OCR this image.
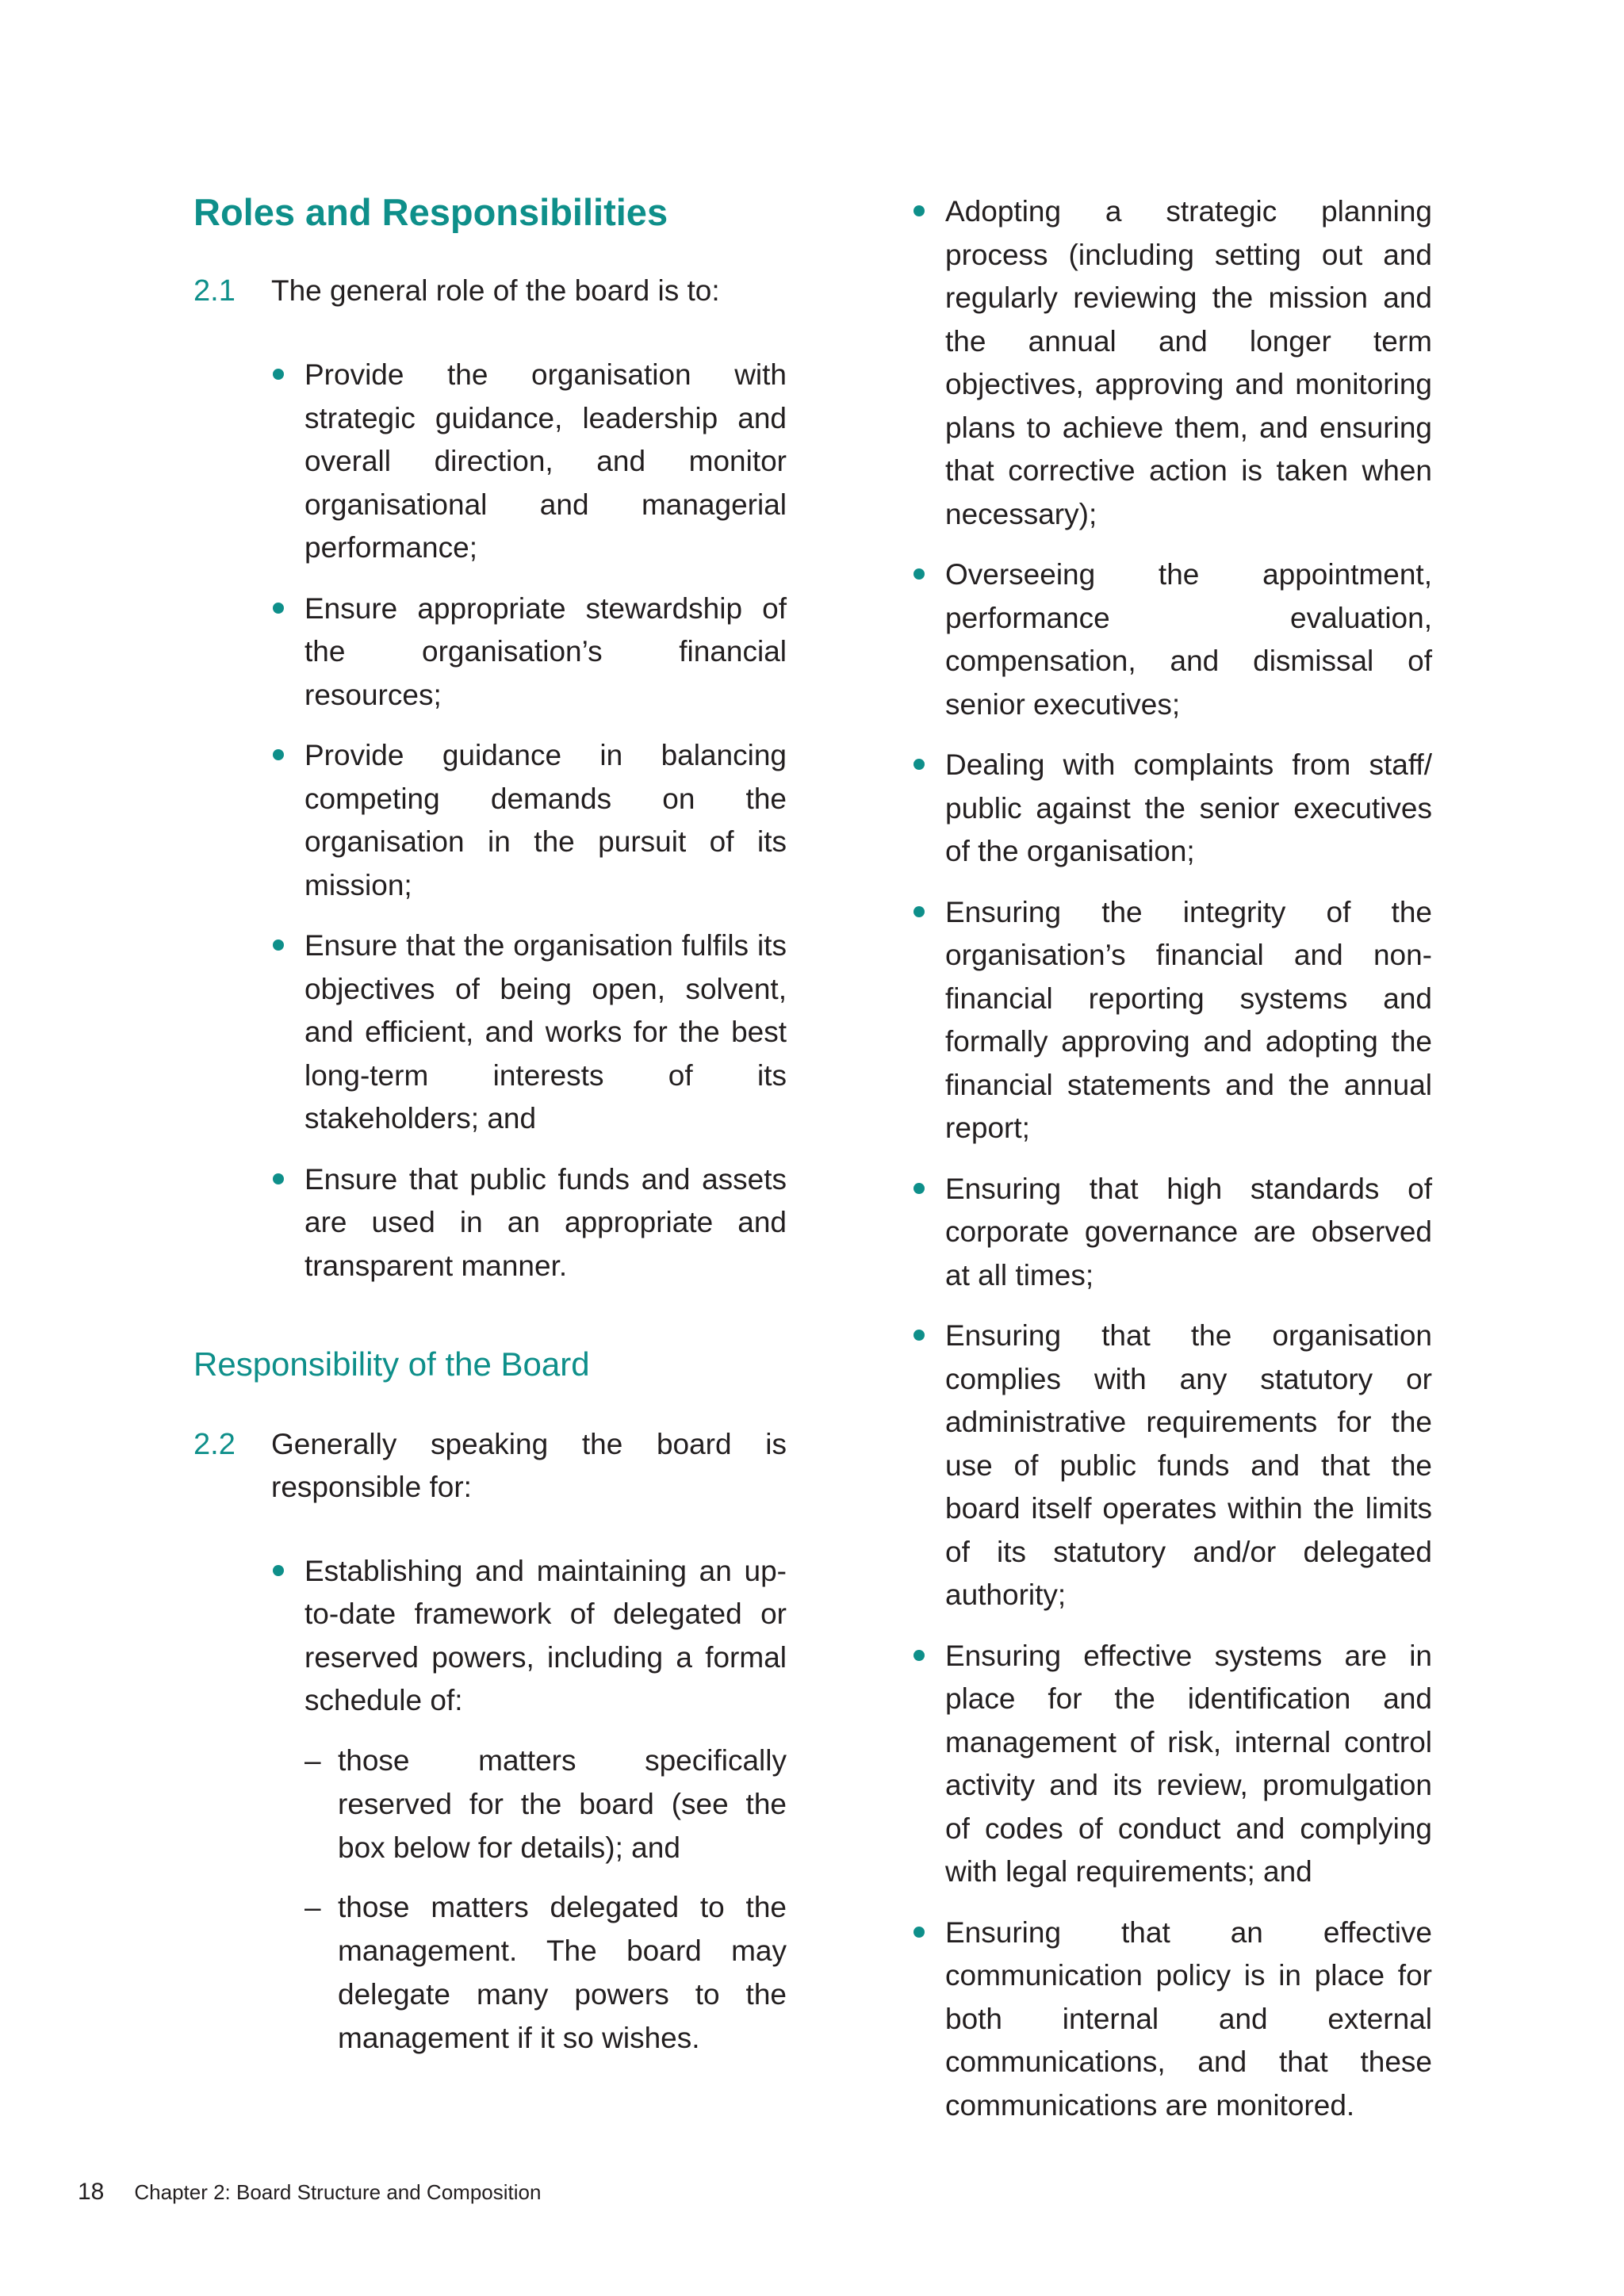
Roles and Responsibilities
2.1	The general role of the board is to:
Provide the organisation with strategic guidance, leadership and overall direction, and monitor organisational and managerial performance;
Ensure appropriate stewardship of the organisation’s financial resources;
Provide guidance in balancing competing demands on the organisation in the pursuit of its mission;
Ensure that the organisation fulfils its objectives of being open, solvent, and efficient, and works for the best long-term interests of its stakeholders; and
Ensure that public funds and assets are used in an appropriate and transparent manner.
Responsibility of the Board
2.2	Generally speaking the board is responsible for:
Establishing and maintaining an up-to-date framework of delegated or reserved powers, including a formal schedule of:
– those matters specifically reserved for the board (see the box below for details); and
– those matters delegated to the management. The board may delegate many powers to the management if it so wishes.
Adopting a strategic planning process (including setting out and regularly reviewing the mission and the annual and longer term objectives, approving and monitoring plans to achieve them, and ensuring that corrective action is taken when necessary);
Overseeing the appointment, performance evaluation, compensation, and dismissal of senior executives;
Dealing with complaints from staff/ public against the senior executives of the organisation;
Ensuring the integrity of the organisation’s financial and non-financial reporting systems and formally approving and adopting the financial statements and the annual report;
Ensuring that high standards of corporate governance are observed at all times;
Ensuring that the organisation complies with any statutory or administrative requirements for the use of public funds and that the board itself operates within the limits of its statutory and/or delegated authority;
Ensuring effective systems are in place for the identification and management of risk, internal control activity and its review, promulgation of codes of conduct and complying with legal requirements; and
Ensuring that an effective communication policy is in place for both internal and external communications, and that these communications are monitored.
18 Chapter 2: Board Structure and Composition
